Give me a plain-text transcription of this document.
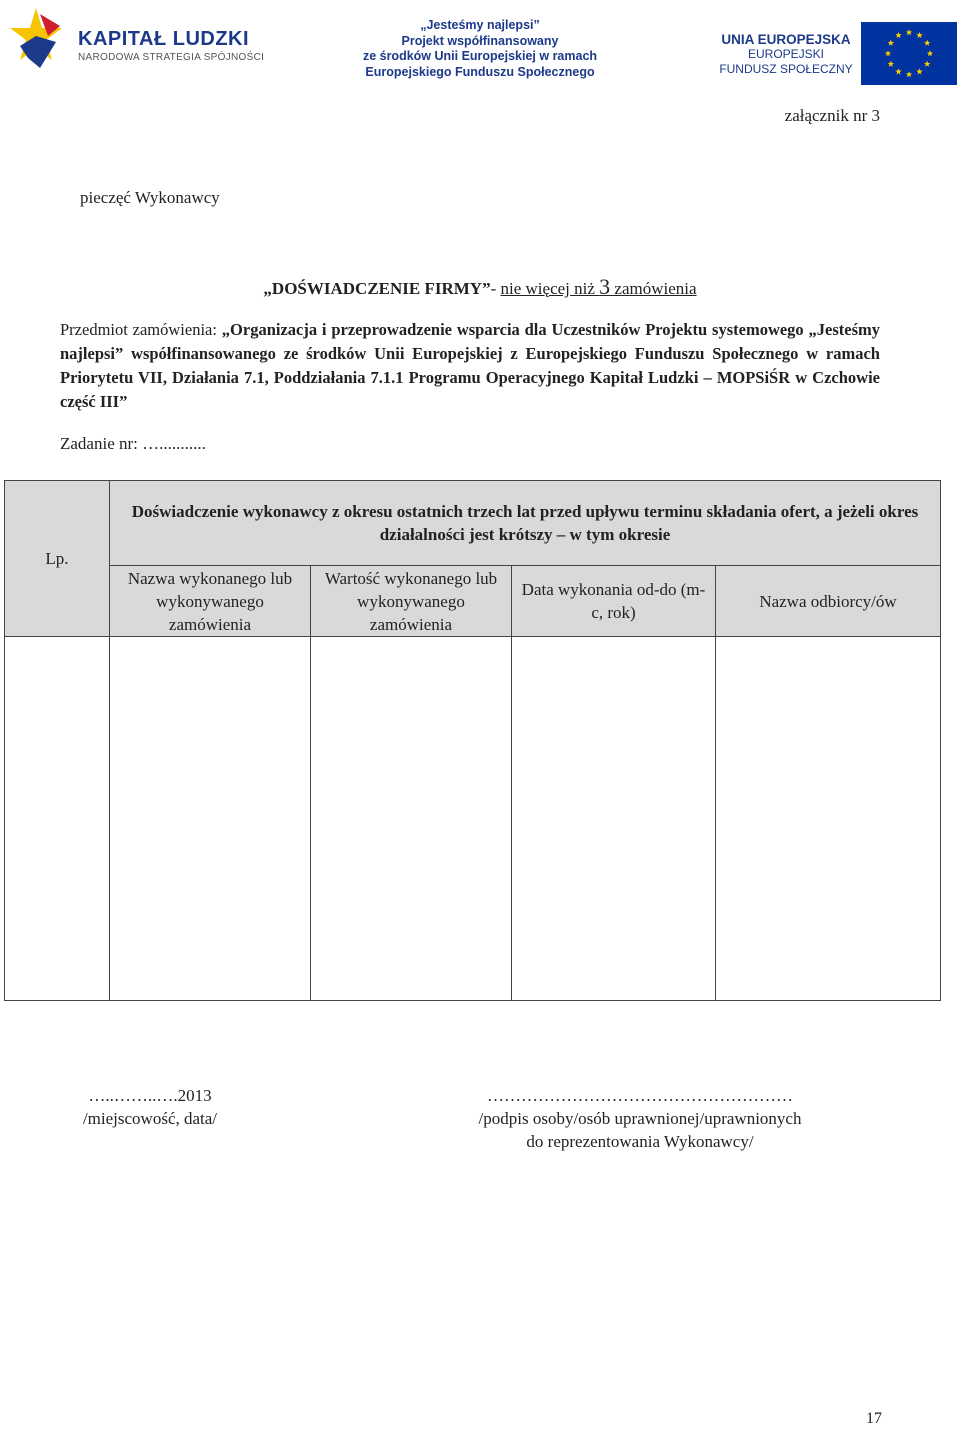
KAPITAŁ LUDZKI
NARODOWA STRATEGIA SPÓJNOŚCI
„Jesteśmy najlepsi”
Projekt współfinansowany
ze środków Unii Europejskiej w ramach
Europejskiego Funduszu Społecznego
UNIA EUROPEJSKA
EUROPEJSKI
FUNDUSZ SPOŁECZNY
załącznik nr 3
pieczęć Wykonawcy
„DOŚWIADCZENIE FIRMY”- nie więcej niż 3 zamówienia
Przedmiot zamówienia: „Organizacja i przeprowadzenie wsparcia dla Uczestników Projektu systemowego „Jesteśmy najlepsi” współfinansowanego ze środków Unii Europejskiej z Europejskiego Funduszu Społecznego w ramach Priorytetu VII, Działania 7.1, Poddziałania 7.1.1 Programu Operacyjnego Kapitał Ludzki – MOPSiŚR w Czchowie część III”
Zadanie nr: …...........
Lp.	Doświadczenie wykonawcy z okresu ostatnich trzech lat przed upływu terminu składania ofert, a jeżeli okres działalności jest krótszy – w tym okresie			
	Nazwa wykonanego lub wykonywanego zamówienia	Wartość wykonanego lub wykonywanego zamówienia	Data wykonania od-do (m-c, rok)	Nazwa odbiorcy/ów

…..……..….2013
/miejscowość, data/
………………………………………………
/podpis osoby/osób uprawnionej/uprawnionych
do reprezentowania Wykonawcy/
17
